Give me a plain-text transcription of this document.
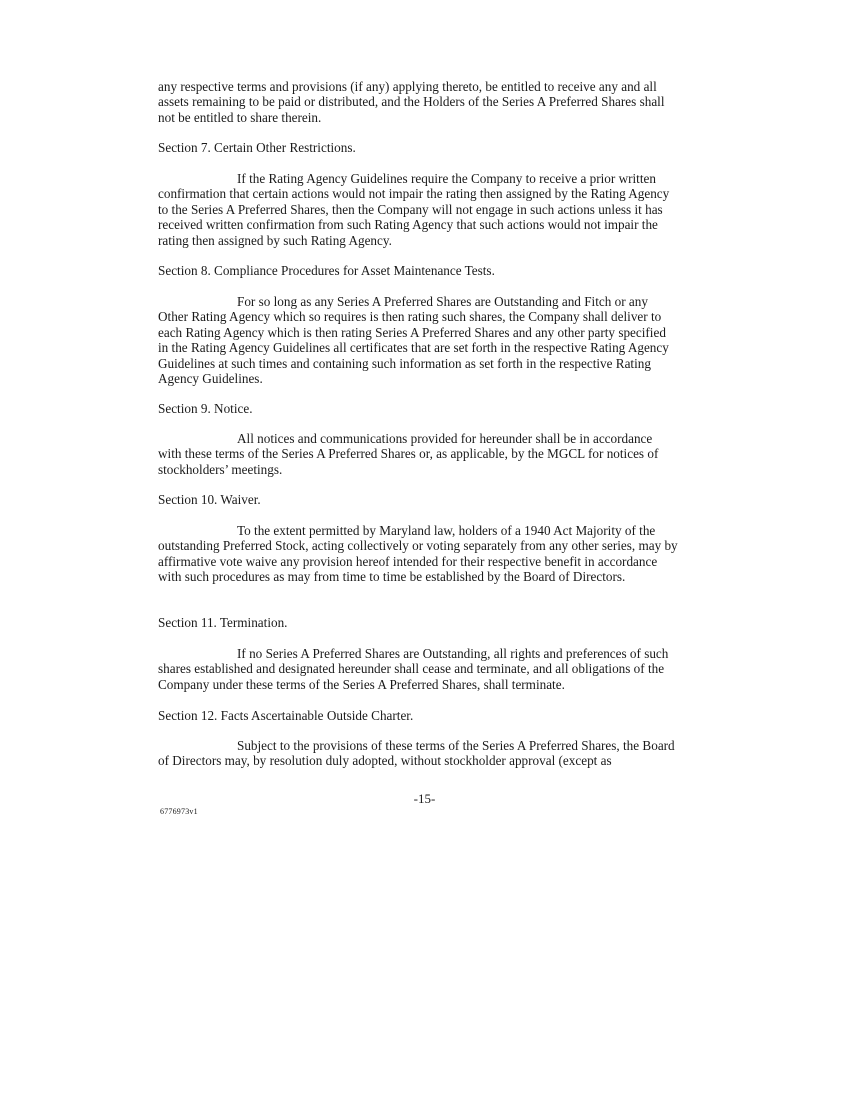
any respective terms and provisions (if any) applying thereto, be entitled to receive any and all assets remaining to be paid or distributed, and the Holders of the Series A Preferred Shares shall not be entitled to share therein.

Section 7. Certain Other Restrictions.

If the Rating Agency Guidelines require the Company to receive a prior written confirmation that certain actions would not impair the rating then assigned by the Rating Agency to the Series A Preferred Shares, then the Company will not engage in such actions unless it has received written confirmation from such Rating Agency that such actions would not impair the rating then assigned by such Rating Agency.

Section 8. Compliance Procedures for Asset Maintenance Tests.

For so long as any Series A Preferred Shares are Outstanding and Fitch or any Other Rating Agency which so requires is then rating such shares, the Company shall deliver to each Rating Agency which is then rating Series A Preferred Shares and any other party specified in the Rating Agency Guidelines all certificates that are set forth in the respective Rating Agency Guidelines at such times and containing such information as set forth in the respective Rating Agency Guidelines.

Section 9. Notice.

All notices and communications provided for hereunder shall be in accordance with these terms of the Series A Preferred Shares or, as applicable, by the MGCL for notices of stockholders’ meetings.

Section 10. Waiver.

To the extent permitted by Maryland law, holders of a 1940 Act Majority of the outstanding Preferred Stock, acting collectively or voting separately from any other series, may by affirmative vote waive any provision hereof intended for their respective benefit in accordance with such procedures as may from time to time be established by the Board of Directors.

Section 11. Termination.

If no Series A Preferred Shares are Outstanding, all rights and preferences of such shares established and designated hereunder shall cease and terminate, and all obligations of the Company under these terms of the Series A Preferred Shares, shall terminate.

Section 12. Facts Ascertainable Outside Charter.

Subject to the provisions of these terms of the Series A Preferred Shares, the Board of Directors may, by resolution duly adopted, without stockholder approval (except as

-15-

6776973v1
